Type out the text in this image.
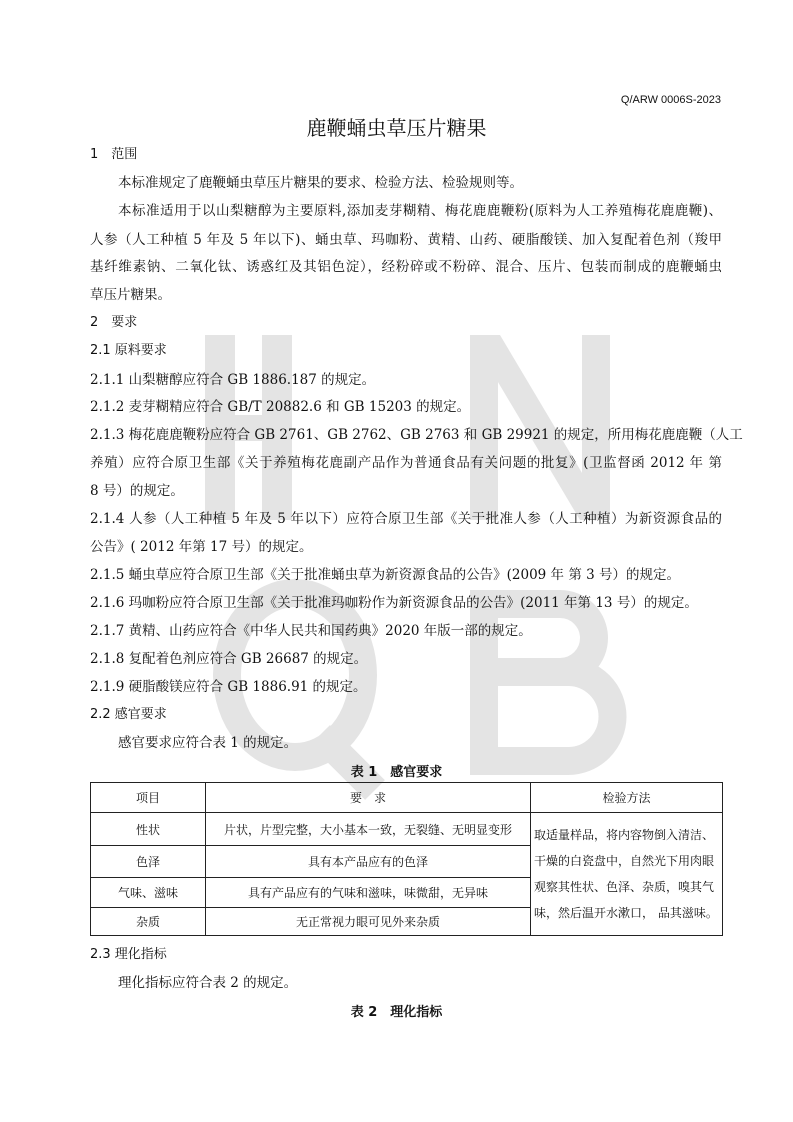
Q/ARW 0006S-2023
鹿鞭蛹虫草压片糖果
1　范围
本标准规定了鹿鞭蛹虫草压片糖果的要求、检验方法、检验规则等。
本标准适用于以山梨糖醇为主要原料,添加麦芽糊精、梅花鹿鹿鞭粉(原料为人工养殖梅花鹿鹿鞭)、
人参（人工种植 5 年及 5 年以下)、蛹虫草、玛咖粉、黄精、山药、硬脂酸镁、加入复配着色剂（羧甲
基纤维素钠、二氧化钛、诱惑红及其铝色淀），经粉碎或不粉碎、混合、压片、包装而制成的鹿鞭蛹虫
草压片糖果。
2　要求
2.1 原料要求
2.1.1 山梨糖醇应符合 GB 1886.187 的规定。
2.1.2 麦芽糊精应符合 GB/T 20882.6 和 GB 15203 的规定。
2.1.3 梅花鹿鹿鞭粉应符合 GB 2761、GB 2762、GB 2763 和 GB 29921 的规定，所用梅花鹿鹿鞭（人工
养殖）应符合原卫生部《关于养殖梅花鹿副产品作为普通食品有关问题的批复》(卫监督函 2012 年 第
8 号）的规定。
2.1.4 人参（人工种植 5 年及 5 年以下）应符合原卫生部《关于批准人参（人工种植）为新资源食品的
公告》( 2012 年第 17 号）的规定。
2.1.5 蛹虫草应符合原卫生部《关于批准蛹虫草为新资源食品的公告》(2009 年 第 3 号）的规定。
2.1.6 玛咖粉应符合原卫生部《关于批准玛咖粉作为新资源食品的公告》(2011 年第 13 号）的规定。
2.1.7 黄精、山药应符合《中华人民共和国药典》2020 年版一部的规定。
2.1.8 复配着色剂应符合 GB 26687 的规定。
2.1.9 硬脂酸镁应符合 GB 1886.91 的规定。
2.2 感官要求
感官要求应符合表 1 的规定。
表 1　感官要求
项目	要　求	检验方法
性状	片状，片型完整，大小基本一致，无裂缝、无明显变形	取适量样品，将内容物倒入清洁、干燥的白瓷盘中，自然光下用肉眼观察其性状、色泽、杂质，嗅其气味，然后温开水漱口， 品其滋味。
色泽	具有本产品应有的色泽	
气味、滋味	具有产品应有的气味和滋味，味微甜，无异味	
杂质	无正常视力眼可见外来杂质	
2.3 理化指标
理化指标应符合表 2 的规定。
表 2　理化指标
